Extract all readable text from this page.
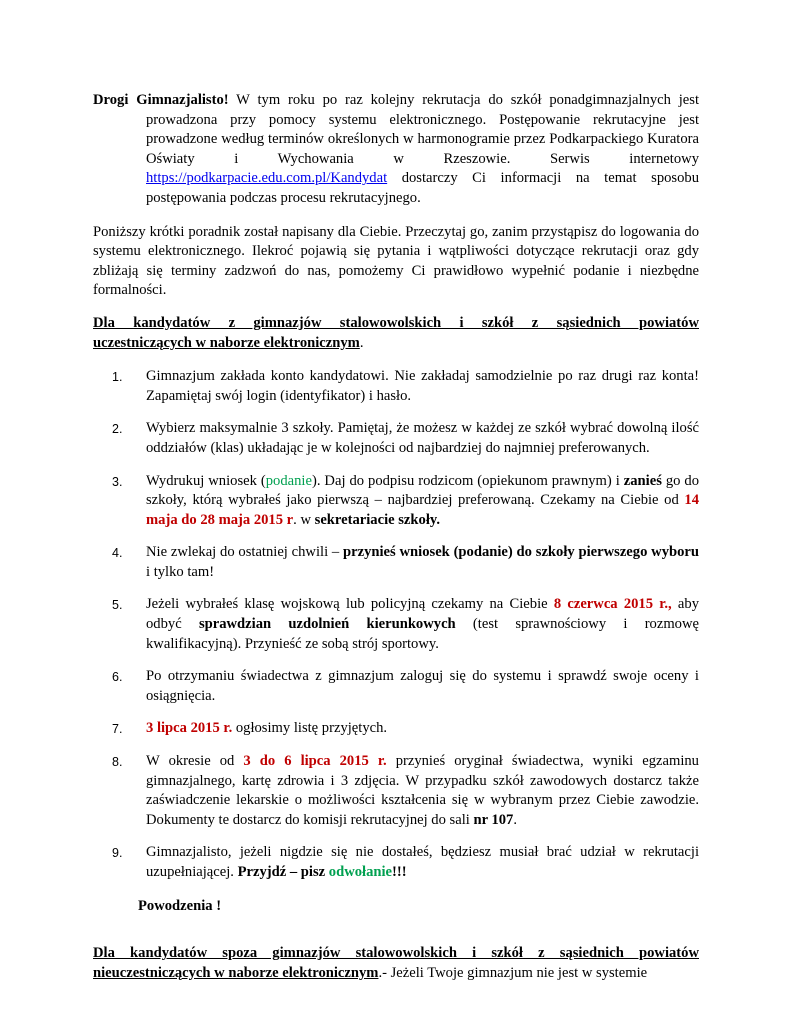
Drogi Gimnazjalisto! W tym roku po raz kolejny rekrutacja do szkół ponadgimnazjalnych jest prowadzona przy pomocy systemu elektronicznego. Postępowanie rekrutacyjne jest prowadzone według terminów określonych w harmonogramie przez Podkarpackiego Kuratora Oświaty i Wychowania w Rzeszowie. Serwis internetowy https://podkarpacie.edu.com.pl/Kandydat dostarczy Ci informacji na temat sposobu postępowania podczas procesu rekrutacyjnego.

Poniższy krótki poradnik został napisany dla Ciebie. Przeczytaj go, zanim przystąpisz do logowania do systemu elektronicznego. Ilekroć pojawią się pytania i wątpliwości dotyczące rekrutacji oraz gdy zbliżają się terminy zadzwoń do nas, pomożemy Ci prawidłowo wypełnić podanie i niezbędne formalności.

Dla kandydatów z gimnazjów stalowowolskich i szkół z sąsiednich powiatów

uczestniczących w naborze elektronicznym.

1. Gimnazjum zakłada konto kandydatowi. Nie zakładaj samodzielnie po raz drugi raz konta! Zapamiętaj swój login (identyfikator) i hasło.
2. Wybierz maksymalnie 3 szkoły. Pamiętaj, że możesz w każdej ze szkół wybrać dowolną ilość oddziałów (klas) układając je w kolejności od najbardziej do najmniej preferowanych.
3. Wydrukuj wniosek (podanie). Daj do podpisu rodzicom (opiekunom prawnym) i zanieś go do szkoły, którą wybrałeś jako pierwszą – najbardziej preferowaną. Czekamy na Ciebie od 14 maja do 28 maja 2015 r. w sekretariacie szkoły.
4. Nie zwlekaj do ostatniej chwili – przynieś wniosek (podanie) do szkoły pierwszego wyboru i tylko tam!
5. Jeżeli wybrałeś klasę wojskową lub policyjną czekamy na Ciebie 8 czerwca 2015 r., aby odbyć sprawdzian uzdolnień kierunkowych (test sprawnościowy i rozmowę kwalifikacyjną). Przynieść ze sobą strój sportowy.
6. Po otrzymaniu świadectwa z gimnazjum zaloguj się do systemu i sprawdź swoje oceny i osiągnięcia.
7. 3 lipca 2015 r. ogłosimy listę przyjętych.
8. W okresie od 3 do 6 lipca 2015 r. przynieś oryginał świadectwa, wyniki egzaminu gimnazjalnego, kartę zdrowia i 3 zdjęcia. W przypadku szkół zawodowych dostarcz także zaświadczenie lekarskie o możliwości kształcenia się w wybranym przez Ciebie zawodzie. Dokumenty te dostarcz do komisji rekrutacyjnej do sali nr 107.
9. Gimnazjalisto, jeżeli nigdzie się nie dostałeś, będziesz musiał brać udział w rekrutacji uzupełniającej. Przyjdź – pisz odwołanie!!!

Powodzenia !

Dla kandydatów spoza gimnazjów stalowowolskich i szkół z sąsiednich powiatów

nieuczestniczących w naborze elektronicznym.- Jeżeli Twoje gimnazjum nie jest w systemie
